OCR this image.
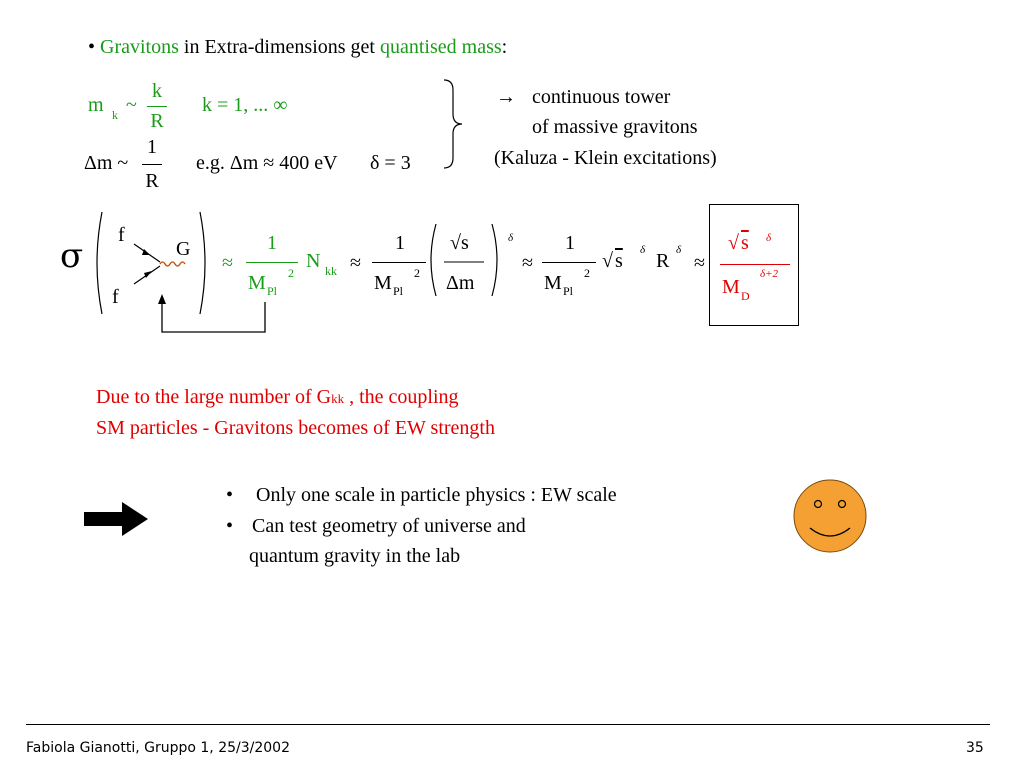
• Gravitons in Extra-dimensions get quantised mass:
m k ~
k
R
k = 1, ... ∞
Δm ~
1
R
e.g. Δm ≈ 400 eV δ = 3
→ continuous tower
of massive gravitons
(Kaluza - Klein excitations)
σ
f
f
G
≈
1
M Pl
2
N kk ≈
1
M Pl
2
√s
Δm
δ
≈
1
M Pl
2
√ s δ R δ
≈
√ s δ
M D
δ+2
Due to the large number of Gkk , the coupling
SM particles - Gravitons becomes of EW strength
• Only one scale in particle physics : EW scale
• Can test geometry of universe and
quantum gravity in the lab
Fabiola Gianotti, Gruppo 1, 25/3/2002	35
